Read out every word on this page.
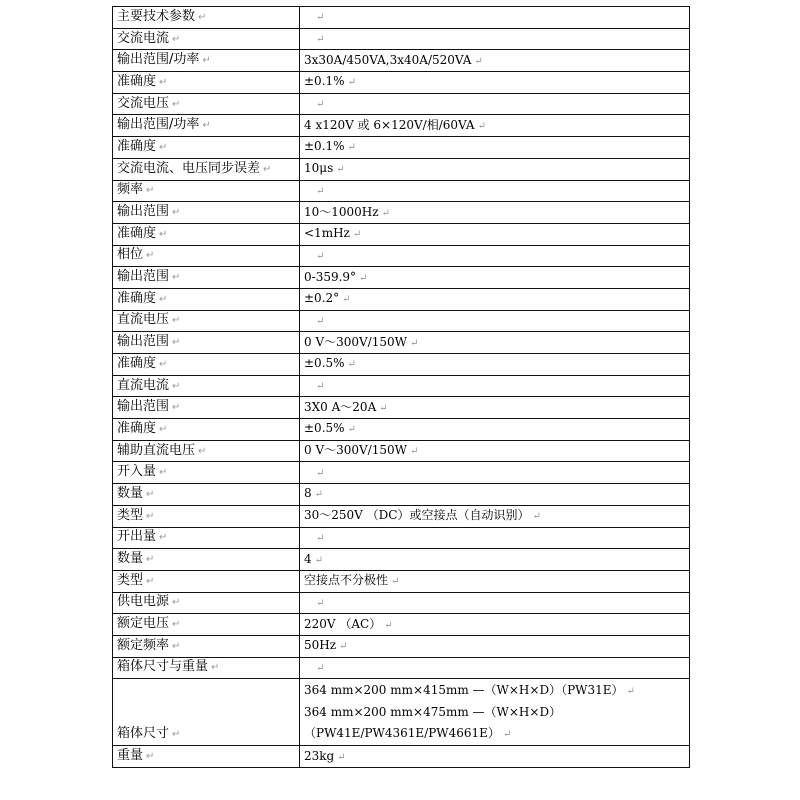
主要技术参数 ↵	↵
交流电流 ↵	↵
输出范围/功率 ↵	3x30A/450VA,3x40A/520VA ↵
准确度 ↵	±0.1% ↵
交流电压 ↵	↵
输出范围/功率 ↵	4 x120V 或 6×120V/相/60VA ↵
准确度 ↵	±0.1% ↵
交流电流、电压同步误差 ↵	10μs ↵
频率 ↵	↵
输出范围 ↵	10～1000Hz ↵
准确度 ↵	<1mHz ↵
相位 ↵	↵
输出范围 ↵	0-359.9° ↵
准确度 ↵	±0.2° ↵
直流电压 ↵	↵
输出范围 ↵	0 V～300V/150W ↵
准确度 ↵	±0.5% ↵
直流电流 ↵	↵
输出范围 ↵	3X0 A～20A ↵
准确度 ↵	±0.5% ↵
辅助直流电压 ↵	0 V～300V/150W ↵
开入量 ↵	↵
数量 ↵	8 ↵
类型 ↵	30～250V （DC）或空接点（自动识别） ↵
开出量 ↵	↵
数量 ↵	4 ↵
类型 ↵	空接点不分极性 ↵
供电电源 ↵	↵
额定电压 ↵	220V （AC） ↵
额定频率 ↵	50Hz ↵
箱体尺寸与重量 ↵	↵
箱体尺寸 ↵	364 mm×200 mm×415mm —（W×H×D）（PW31E） ↵
364 mm×200 mm×475mm —（W×H×D）
（PW41E/PW4361E/PW4661E） ↵

重量 ↵	23kg ↵
